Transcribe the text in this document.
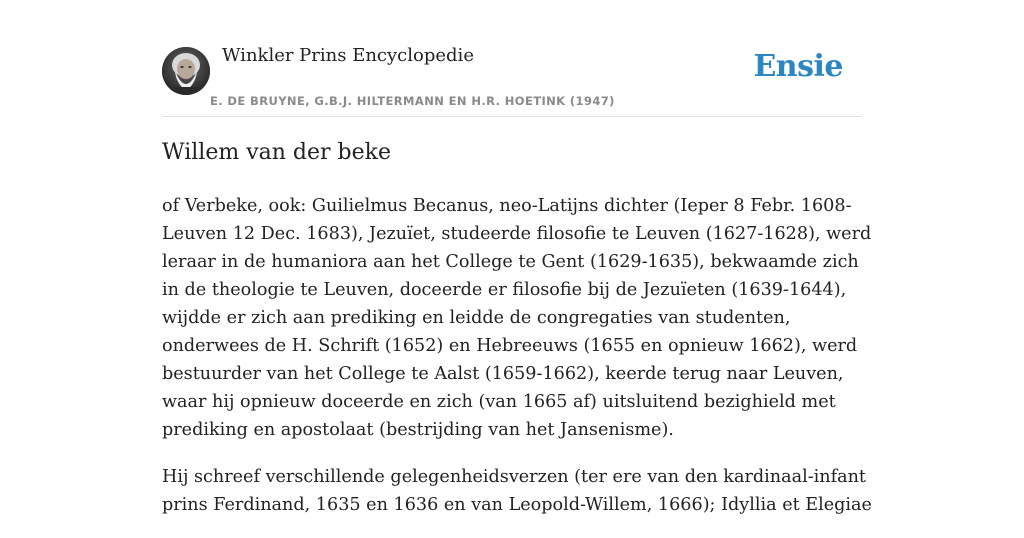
Winkler Prins Encyclopedie
E. DE BRUYNE, G.B.J. HILTERMANN EN H.R. HOETINK (1947)
Ensie
Willem van der beke

of Verbeke, ook: Guilielmus Becanus, neo-Latijns dichter (Ieper 8 Febr. 1608- Leuven 12 Dec. 1683), Jezuïet, studeerde filosofie te Leuven (1627-1628), werd leraar in de humaniora aan het College te Gent (1629-1635), bekwaamde zich in de theologie te Leuven, doceerde er filosofie bij de Jezuïeten (1639-1644), wijdde er zich aan prediking en leidde de congregaties van studenten, onderwees de H. Schrift (1652) en Hebreeuws (1655 en opnieuw 1662), werd bestuurder van het College te Aalst (1659-1662), keerde terug naar Leuven, waar hij opnieuw doceerde en zich (van 1665 af) uitsluitend bezighield met prediking en apostolaat (bestrijding van het Jansenisme).

Hij schreef verschillende gelegenheidsverzen (ter ere van den kardinaal-infant prins Ferdinand, 1635 en 1636 en van Leopold-Willem, 1666); Idyllia et Elegiae
